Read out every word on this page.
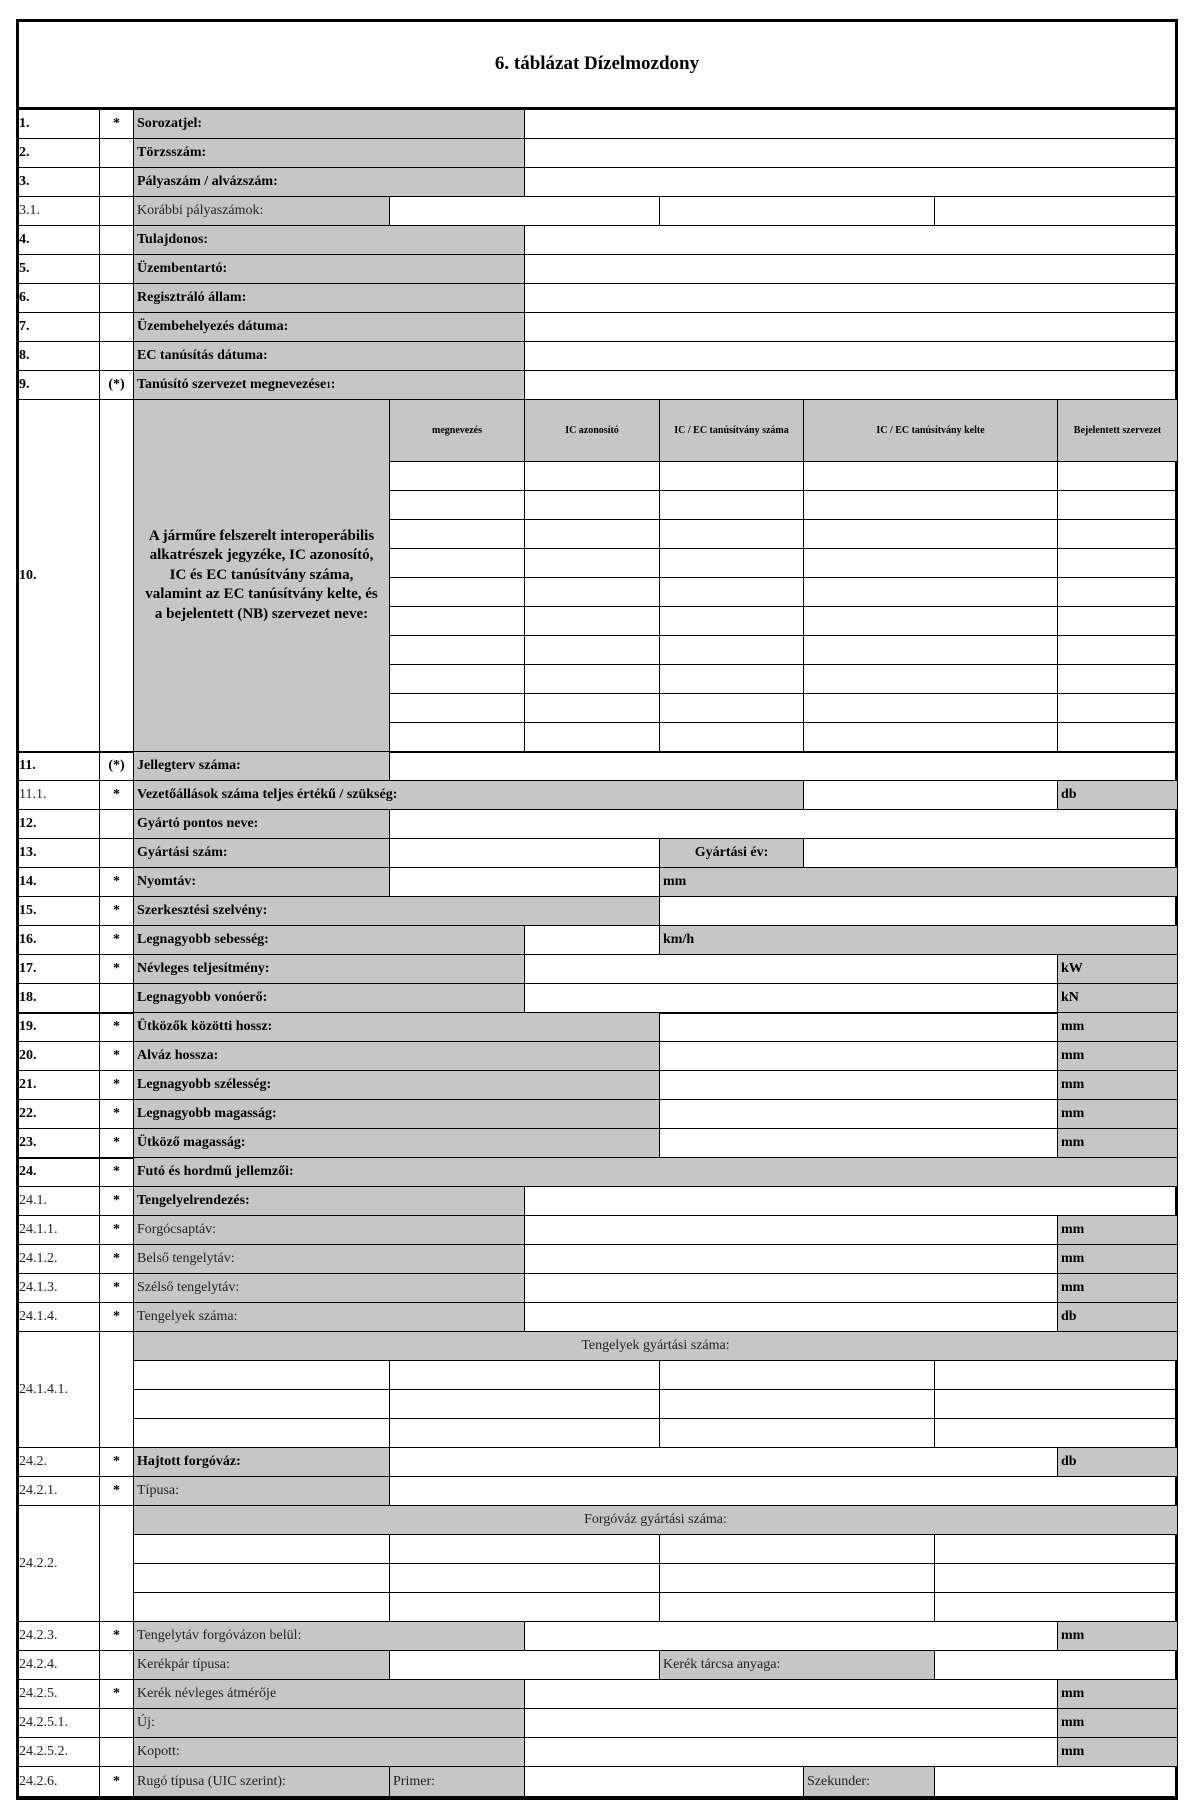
6. táblázat Dízelmozdony
1.	*	Sorozatjel:
2.	Törzsszám:
3.	Pályaszám / alvázszám:
3.1.	Korábbi pályaszámok:
4.	Tulajdonos:
5.	Üzembentartó:
6.	Regisztráló állam:
7.	Üzembehelyezés dátuma:
8.	EC tanúsítás dátuma:
9.	(*) Tanúsító szervezet megnevezése 1 :
10.
A járműre felszerelt interoperábilis alkatrészek jegyzéke, IC azonosító, IC és EC tanúsítvány száma, valamint az EC tanúsítvány kelte, és a bejelentett (NB) szervezet neve:
megnevezés	IC azonosító	IC / EC tanúsítvány száma	IC / EC tanúsítvány kelte	Bejelentett szervezet
11.	(*) Jellegterv száma:
11.1.	*	Vezetőállások száma teljes értékű / szükség:	db
12.	Gyártó pontos neve:
13.	Gyártási szám:	Gyártási év:
14.	*	Nyomtáv:	mm
15.	*	Szerkesztési szelvény:
16.	*	Legnagyobb sebesség:	km/h
17.	*	Névleges teljesítmény:	kW
18.	Legnagyobb vonóerő:	kN
19.	*	Ütközők közötti hossz:	mm
20.	*	Alváz hossza:	mm
21.	*	Legnagyobb szélesség:	mm
22.	*	Legnagyobb magasság:	mm
23.	*	Ütköző magasság:	mm
24.	*	Futó és hordmű jellemzői:
24.1.	*	Tengelyelrendezés:
24.1.1.	*	Forgócsaptáv:	mm
24.1.2.	*	Belső tengelytáv:	mm
24.1.3.	*	Szélső tengelytáv:	mm
24.1.4.	*	Tengelyek száma:	db
24.1.4.1.
Tengelyek gyártási száma:
24.2.	*	Hajtott forgóváz:	db
24.2.1.	*	Típusa:
24.2.2.
Forgóváz gyártási száma:
24.2.3.	*	Tengelytáv forgóvázon belül:	mm
24.2.4.	Kerékpár típusa:	Kerék tárcsa anyaga:
24.2.5.	*	Kerék névleges átmérője	mm
24.2.5.1.	Új:	mm
24.2.5.2.	Kopott:	mm
24.2.6.	*	Rugó típusa (UIC szerint):	Primer:	Szekunder:
